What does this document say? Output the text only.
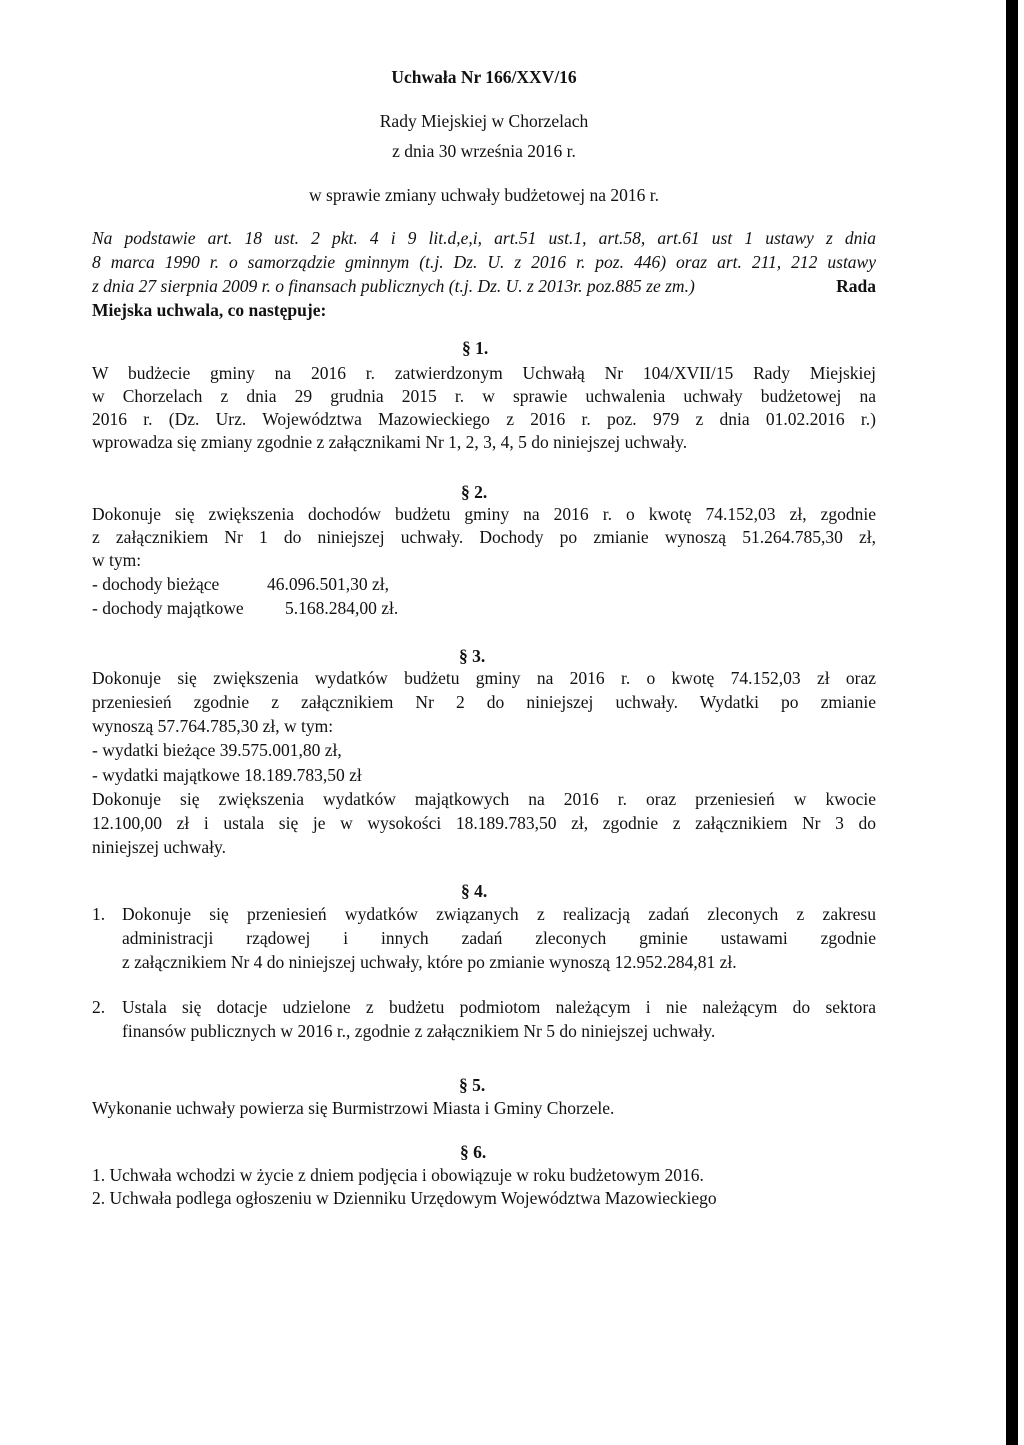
Uchwała Nr 166/XXV/16
Rady Miejskiej w Chorzelach
z dnia 30 września 2016 r.
w sprawie zmiany uchwały budżetowej na 2016 r.
Na podstawie art. 18 ust. 2 pkt. 4 i 9 lit.d,e,i, art.51 ust.1, art.58, art.61 ust 1 ustawy z dnia
8 marca 1990 r. o samorządzie gminnym (t.j. Dz. U. z 2016 r. poz. 446) oraz art. 211, 212 ustawy
z dnia 27 sierpnia 2009 r. o finansach publicznych (t.j. Dz. U. z 2013r. poz.885 ze zm.)	Rada
Miejska uchwala, co następuje:
§ 1.
W budżecie gminy na 2016 r. zatwierdzonym Uchwałą Nr 104/XVII/15 Rady Miejskiej
w Chorzelach z dnia 29 grudnia 2015 r. w sprawie uchwalenia uchwały budżetowej na
2016 r. (Dz. Urz. Województwa Mazowieckiego z 2016 r. poz. 979 z dnia 01.02.2016 r.)
wprowadza się zmiany zgodnie z załącznikami Nr 1, 2, 3, 4, 5 do niniejszej uchwały.
§ 2.
Dokonuje się zwiększenia dochodów budżetu gminy na 2016 r. o kwotę 74.152,03 zł, zgodnie
z załącznikiem Nr 1 do niniejszej uchwały. Dochody po zmianie wynoszą 51.264.785,30 zł,
w tym:
- dochody bieżące	46.096.501,30 zł,
- dochody majątkowe 5.168.284,00 zł.
§ 3.
Dokonuje się zwiększenia wydatków budżetu gminy na 2016 r. o kwotę 74.152,03 zł oraz
przeniesień zgodnie z załącznikiem Nr 2 do niniejszej uchwały. Wydatki po zmianie
wynoszą 57.764.785,30 zł, w tym:
- wydatki bieżące 39.575.001,80 zł,
- wydatki majątkowe 18.189.783,50 zł
Dokonuje się zwiększenia wydatków majątkowych na 2016 r. oraz przeniesień w kwocie
12.100,00 zł i ustala się je w wysokości 18.189.783,50 zł, zgodnie z załącznikiem Nr 3 do
niniejszej uchwały.
§ 4.
1. Dokonuje się przeniesień wydatków związanych z realizacją zadań zleconych z zakresu
administracji rządowej i innych zadań zleconych gminie ustawami zgodnie
z załącznikiem Nr 4 do niniejszej uchwały, które po zmianie wynoszą 12.952.284,81 zł.
2. Ustala się dotacje udzielone z budżetu podmiotom należącym i nie należącym do sektora
finansów publicznych w 2016 r., zgodnie z załącznikiem Nr 5 do niniejszej uchwały.
§ 5.
Wykonanie uchwały powierza się Burmistrzowi Miasta i Gminy Chorzele.
§ 6.
1. Uchwała wchodzi w życie z dniem podjęcia i obowiązuje w roku budżetowym 2016.
2. Uchwała podlega ogłoszeniu w Dzienniku Urzędowym Województwa Mazowieckiego
